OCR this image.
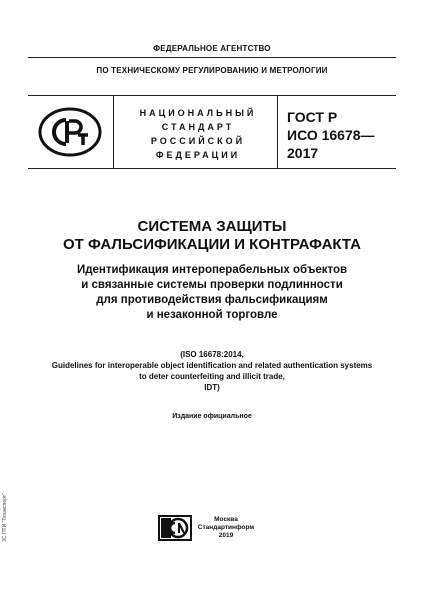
ФЕДЕРАЛЬНОЕ АГЕНТСТВО
ПО ТЕХНИЧЕСКОМУ РЕГУЛИРОВАНИЮ И МЕТРОЛОГИИ
НАЦИОНАЛЬНЫЙ
СТАНДАРТ
РОССИЙСКОЙ
ФЕДЕРАЦИИ
ГОСТ Р
ИСО 16678—
2017
СИСТЕМА ЗАЩИТЫ
ОТ ФАЛЬСИФИКАЦИИ И КОНТРАФАКТА
Идентификация интероперабельных объектов
и связанные системы проверки подлинности
для противодействия фальсификациям
и незаконной торговле
(ISO 16678:2014,
Guidelines for interoperable object identification and related authentication systems
to deter counterfeiting and illicit trade,
IDT)
Издание официальное
Москва
Стандартинформ
2019
ЗС ПТИ "Техэксперт"
